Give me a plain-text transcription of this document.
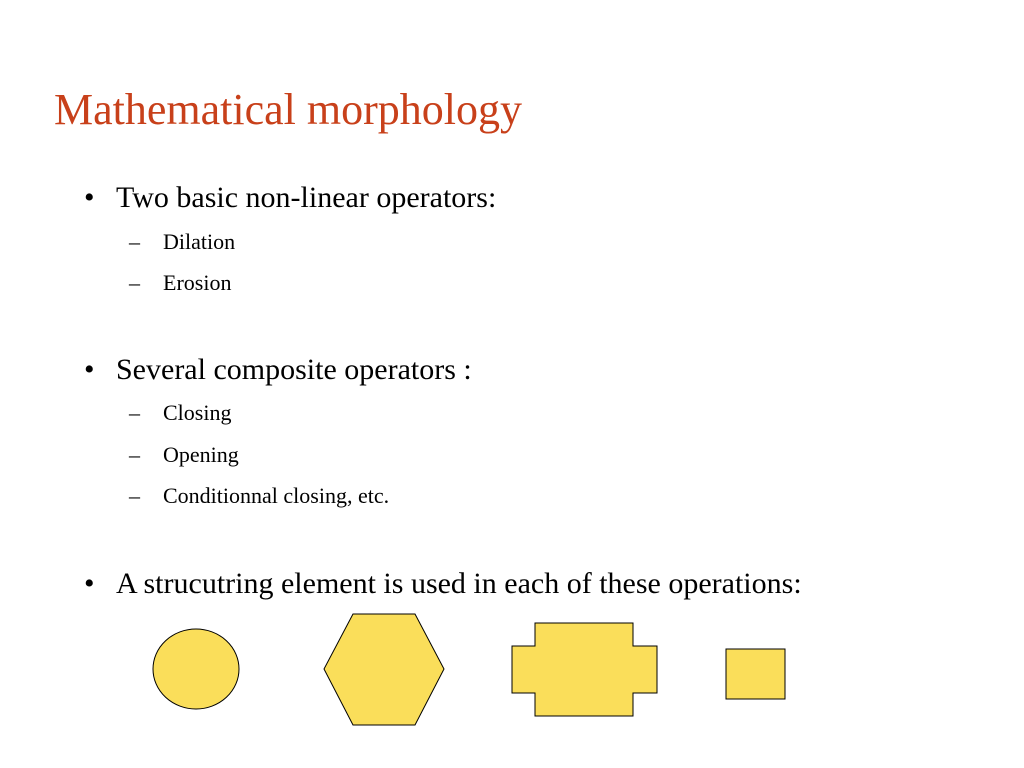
Mathematical morphology
• Two basic non-linear operators:
– Dilation
– Erosion
• Several composite operators :
– Closing
– Opening
– Conditionnal closing, etc.
• A strucutring element is used in each of these operations:
